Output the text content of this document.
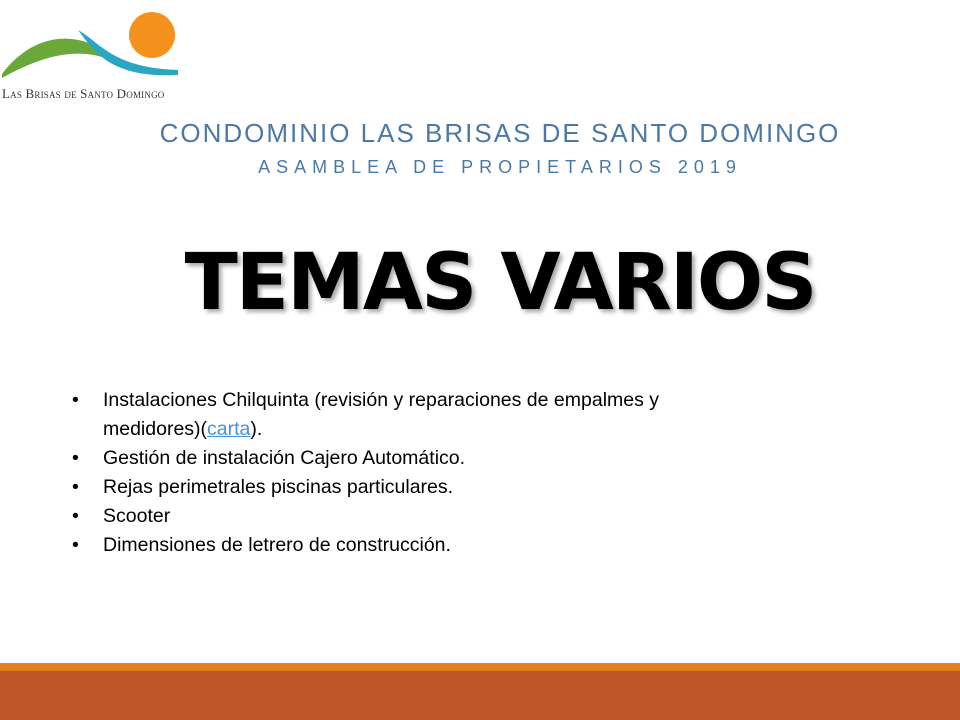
Las Brisas de Santo Domingo
CONDOMINIO LAS BRISAS DE SANTO DOMINGO
ASAMBLEA DE PROPIETARIOS 2019
TEMAS VARIOS
• Instalaciones Chilquinta (revisión y reparaciones de empalmes y medidores)(carta).
• Gestión de instalación Cajero Automático.
• Rejas perimetrales piscinas particulares.
• Scooter
• Dimensiones de letrero de construcción.
